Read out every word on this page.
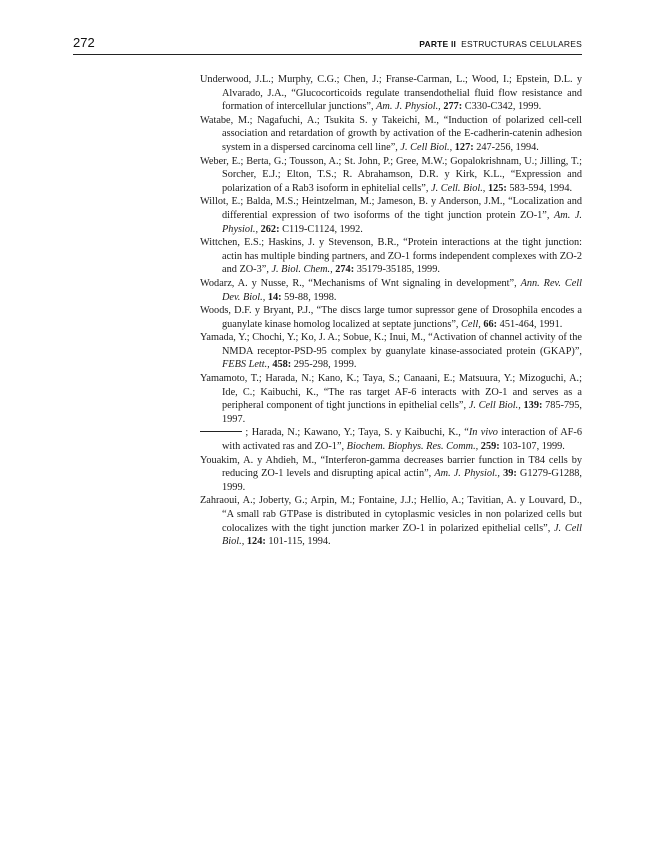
272	PARTE II ESTRUCTURAS CELULARES

Underwood, J.L.; Murphy, C.G.; Chen, J.; Franse-Carman, L.; Wood, I.; Epstein, D.L. y Alvarado, J.A., “Glucocorticoids regulate transendothelial fluid flow resistance and formation of intercellular junctions”, Am. J. Physiol., 277: C330-C342, 1999.

Watabe, M.; Nagafuchi, A.; Tsukita S. y Takeichi, M., “Induction of polarized cell-cell association and retardation of growth by activation of the E-cadherin-catenin adhesion system in a dispersed carcinoma cell line”, J. Cell Biol., 127: 247-256, 1994.

Weber, E.; Berta, G.; Tousson, A.; St. John, P.; Gree, M.W.; Gopalokrishnam, U.; Jilling, T.; Sorcher, E.J.; Elton, T.S.; R. Abrahamson, D.R. y Kirk, K.L., “Expression and polarization of a Rab3 isoform in ephitelial cells”, J. Cell. Biol., 125: 583-594, 1994.

Willot, E.; Balda, M.S.; Heintzelman, M.; Jameson, B. y Anderson, J.M., “Localization and differential expression of two isoforms of the tight junction protein ZO-1”, Am. J. Physiol., 262: C119-C1124, 1992.

Wittchen, E.S.; Haskins, J. y Stevenson, B.R., “Protein interactions at the tight junction: actin has multiple binding partners, and ZO-1 forms independent complexes with ZO-2 and ZO-3”, J. Biol. Chem., 274: 35179-35185, 1999.

Wodarz, A. y Nusse, R., “Mechanisms of Wnt signaling in development”, Ann. Rev. Cell Dev. Biol., 14: 59-88, 1998.

Woods, D.F. y Bryant, P.J., “The discs large tumor supressor gene of Drosophila encodes a guanylate kinase homolog localized at septate junctions”, Cell, 66: 451-464, 1991.

Yamada, Y.; Chochi, Y.; Ko, J. A.; Sobue, K.; Inui, M., “Activation of channel activity of the NMDA receptor-PSD-95 complex by guanylate kinase-associated protein (GKAP)”, FEBS Lett., 458: 295-298, 1999.

Yamamoto, T.; Harada, N.; Kano, K.; Taya, S.; Canaani, E.; Matsuura, Y.; Mizoguchi, A.; Ide, C.; Kaibuchi, K., “The ras target AF-6 interacts with ZO-1 and serves as a peripheral component of tight junctions in epithelial cells”, J. Cell Biol., 139: 785-795, 1997.

; Harada, N.; Kawano, Y.; Taya, S. y Kaibuchi, K., “In vivo interaction of AF-6 with activated ras and ZO-1”, Biochem. Biophys. Res. Comm., 259: 103-107, 1999.

Youakim, A. y Ahdieh, M., “Interferon-gamma decreases barrier function in T84 cells by reducing ZO-1 levels and disrupting apical actin”, Am. J. Physiol., 39: G1279-G1288, 1999.

Zahraoui, A.; Joberty, G.; Arpin, M.; Fontaine, J.J.; Hellio, A.; Tavitian, A. y Louvard, D., “A small rab GTPase is distributed in cytoplasmic vesicles in non polarized cells but colocalizes with the tight junction marker ZO-1 in polarized epithelial cells”, J. Cell Biol., 124: 101-115, 1994.
